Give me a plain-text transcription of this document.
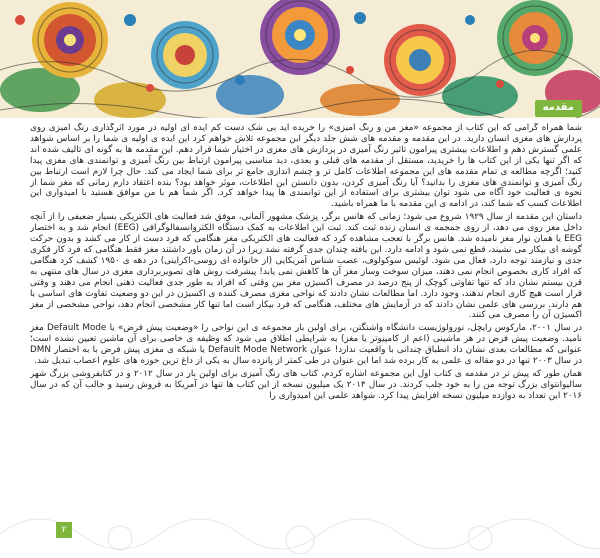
مقدمه

شما همراه گرامی که این کتاب از مجموعه «مغز من و رنگ آمیزی» را خریده اید بی شک دست کم ایده ای اولیه در مورد اثرگذاری رنگ آمیزی روی پردازش های مغزی انسان دارید. در این مقدمه و مقدمه های شش جلد دیگر این مجموعه تلاش خواهم کرد این ایده ی اولیه ی شما را بر اساس شواهد علمی گسترش دهم و اطلاعات بیشتری پیرامون تاثیر رنگ آمیزی در پردازش های مغزی در اختیار شما قرار دهم. این مقدمه ها به گونه ای تالیف شده اند که اگر تنها یکی از این کتاب ها را خریدید، مستقل از مقدمه های قبلی و بعدی، دید مناسبی پیرامون ارتباط بین رنگ آمیزی و توانمندی های مغزی پیدا کنید؛ اگرچه مطالعه ی تمام مقدمه های این مجموعه اطلاعات کامل تر و چشم اندازی جامع تر برای شما ایجاد می کند. حال چرا لازم است ارتباط بین رنگ آمیزی و توانمندی های مغزی را بدانید؟ آیا رنگ آمیزی کردن، بدون دانستن این اطلاعات، موثر خواهد بود؟ بنده اعتقاد دارم زمانی که مغز شما از نحوه ی فعالیت خود آگاه می شود توان بیشتری برای استفاده از این توانمندی ها پیدا خواهد کرد. اگر شما هم با من موافق هستید با امیدواری این اطلاعات کسب که شما کند، در ادامه ی این مقدمه با ما همراه باشید.

داستان این مقدمه از سال ۱۹۲۹ شروع می شود؛ زمانی که هانس برگر، پزشک مشهور آلمانی، موفق شد فعالیت های الکتریکی بسیار ضعیفی را از آنچه داخل مغز روی می دهد، از روی جمجمه ی انسان زنده ثبت کند. ثبت این اطلاعات به کمک دستگاه الکتروانسفالوگرافی (EEG) انجام شد و به اختصار EEG یا همان نوار مغز نامیده شد. هانس برگر با تعجب مشاهده کرد که فعالیت های الکتریکی مغز هنگامی که فرد دست از کار می کشد و بدون حرکت گوشه ای بیکار می نشیند، قطع نمی شود و ادامه دارد. این یافته چندان جدی گرفته نشد زیرا در آن زمان باور داشتند مغز فقط هنگامی که فرد کار فکری جدی و نیازمند توجه دارد، فعال می شود. لوئیس سوکولوف، عصب شناس آمریکایی (از خانواده ای روسی-اکراینی) در دهه ی ۱۹۵۰ کشف کرد هنگامی که افراد کاری بخصوص انجام نمی دهند، میزان سوخت وساز مغز آن ها کاهش نمی یابد! پیشرفت روش های تصویربرداری مغزی در سال های منتهی به قرن بیستم نشان داد که تنها تفاوتی کوچک از پنج درصد در مصرف اکسیژن مغز بین وقتی که افراد به طور جدی فعالیت ذهنی انجام می دهند و وقتی قرار است هیچ کاری انجام ندهند، وجود دارد. اما مطالعات نشان دادند که نواحی مغزی مصرف کننده ی اکسیژن در این دو وضعیت تفاوت های اساسی با هم دارند. بررسی های علمی نشان دادند که در آزمایش های مختلف، هنگامی که فرد بیکار است اما تنها کار مشخصی انجام دهد، نواحی مشخصی از مغز اکسیژن آن را مصرف می کنند.

در سال ۲۰۰۱، مارکوس رایچل، نورولوژیست دانشگاه واشنگتن، برای اولین بار مجموعه ی این نواحی را «وضعیت پیش فرض» یا Default Mode مغز نامید. وضعیت پیش فرض در هر ماشینی (اعم از کامپیوتر یا مغز) به شرایطی اطلاق می شود که وظیفه ی خاصی برای آن ماشین تعیین نشده است؛ عنوانی که مطالعات بعدی نشان داد انطباق چندانی با واقعیت ندارد! عنوان Default Mode Network یا شبکه ی مغزی پیش فرض با به اختصار DMN در سال ۲۰۰۳ تنها در دو مقاله ی علمی به کار برده شد اما این عنوان در طی کمتر از پانزده سال به یکی از داغ ترین حوزه های علوم اعصاب تبدیل شد.

همان طور که پیش تر در مقدمه ی کتاب اول این مجموعه اشاره کردم، کتاب های رنگ آمیزی برای اولین بار در سال ۲۰۱۲ و در کتابفروشی بزرگ شهر سالیوانتوای بزرگ توجه من را به خود جلب کردند. در سال ۲۰۱۴ یک میلیون نسخه از این کتاب ها تنها در آمریکا به فروش رسید و جالب آن که در سال ۲۰۱۶ این تعداد به دوازده میلیون نسخه افزایش پیدا کرد. شواهد علمی این امیدواری را

۲
